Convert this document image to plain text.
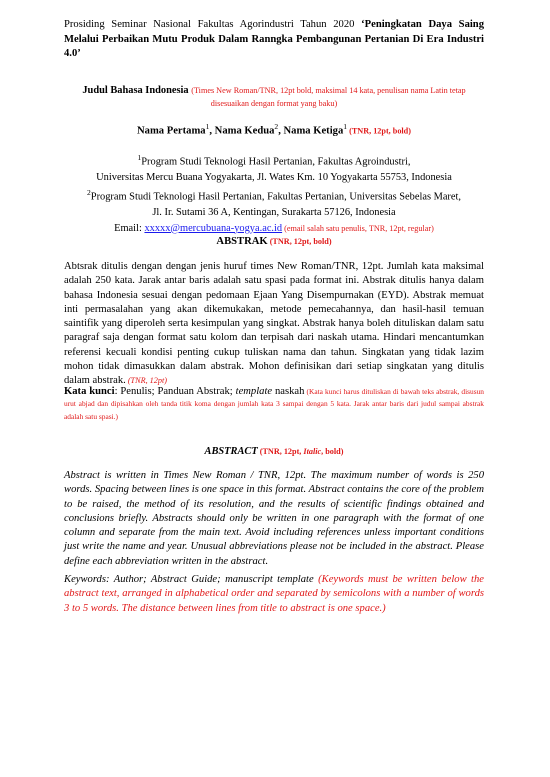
Prosiding Seminar Nasional Fakultas Agorindustri Tahun 2020 ‘Peningkatan Daya Saing Melalui Perbaikan Mutu Produk Dalam Ranngka Pembangunan Pertanian Di Era Industri 4.0’
Judul Bahasa Indonesia (Times New Roman/TNR, 12pt bold, maksimal 14 kata, penulisan nama Latin tetap disesuaikan dengan format yang baku)
Nama Pertama$^1$, Nama Kedua$^2$, Nama Ketiga$^1$ (TNR, 12pt, bold)

$^1$Program Studi Teknologi Hasil Pertanian, Fakultas Agroindustri,

Universitas Mercu Buana Yogyakarta, Jl. Wates Km. 10 Yogyakarta 55753, Indonesia

$^2$Program Studi Teknologi Hasil Pertanian, Fakultas Pertanian, Universitas Sebelas Maret,

Jl. Ir. Sutami 36 A, Kentingan, Surakarta 57126, Indonesia

Email: xxxxx@mercubuana-yogya.ac.id (email salah satu penulis, TNR, 12pt, regular)

ABSTRAK (TNR, 12pt, bold)
Abtsrak ditulis dengan dengan jenis huruf times New Roman/TNR, 12pt. Jumlah kata maksimal adalah 250 kata. Jarak antar baris adalah satu spasi pada format ini. Abstrak ditulis hanya dalam bahasa Indonesia sesuai dengan pedomaan Ejaan Yang Disempurnakan (EYD). Abstrak memuat inti permasalahan yang akan dikemukakan, metode pemecahannya, dan hasil-hasil temuan saintifik yang diperoleh serta kesimpulan yang singkat. Abstrak hanya boleh dituliskan dalam satu paragraf saja dengan format satu kolom dan terpisah dari naskah utama. Hindari mencantumkan referensi kecuali kondisi penting cukup tuliskan nama dan tahun. Singkatan yang tidak lazim mohon tidak dimasukkan dalam abstrak. Mohon definisikan dari setiap singkatan yang ditulis dalam abstrak. (TNR, 12pt)
Kata kunci: Penulis; Panduan Abstrak; template naskah (Kata kunci harus dituliskan di bawah teks abstrak, disusun urut abjad dan dipisahkan oleh tanda titik koma dengan jumlah kata 3 sampai dengan 5 kata. Jarak antar baris dari judul sampai abstrak adalah satu spasi.)
ABSTRACT (TNR, 12pt, Italic, bold)
Abstract is written in Times New Roman / TNR, 12pt. The maximum number of words is 250 words. Spacing between lines is one space in this format. Abstract contains the core of the problem to be raised, the method of its resolution, and the results of scientific findings obtained and conclusions briefly. Abstracts should only be written in one paragraph with the format of one column and separate from the main text. Avoid including references unless important conditions just write the name and year. Unusual abbreviations please not be included in the abstract. Please define each abbreviation written in the abstract.
Keywords: Author; Abstract Guide; manuscript template (Keywords must be written below the abstract text, arranged in alphabetical order and separated by semicolons with a number of words 3 to 5 words. The distance between lines from title to abstract is one space.)
